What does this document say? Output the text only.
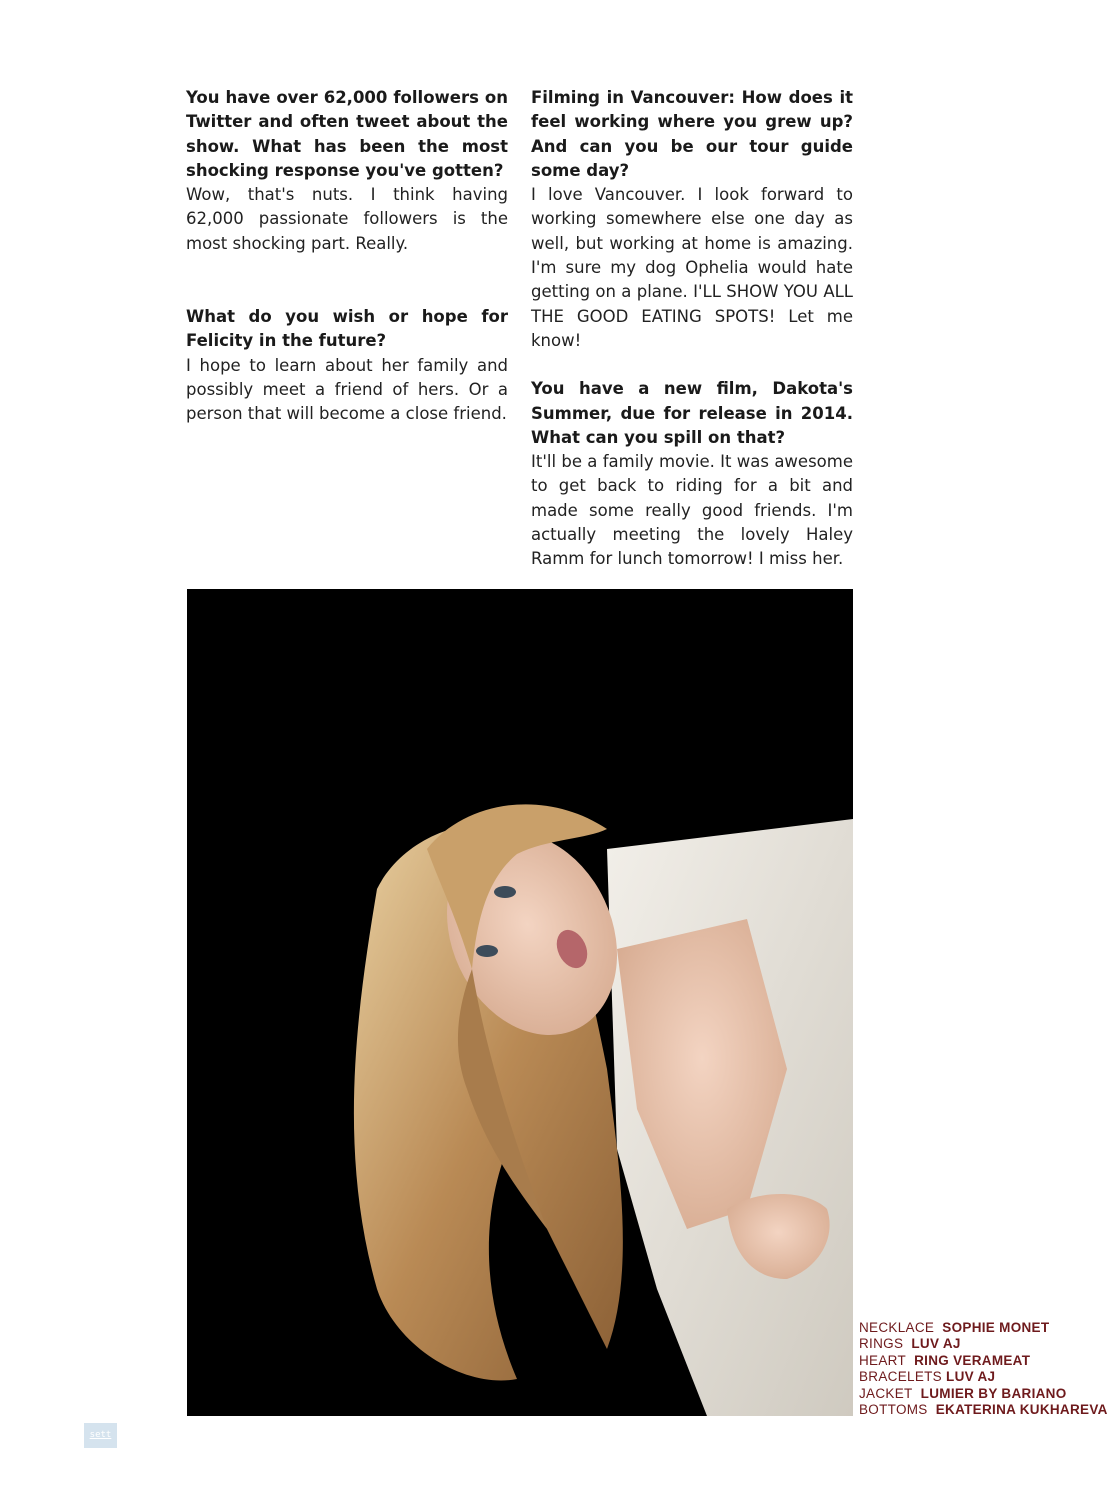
You have over 62,000 followers on Twitter and often tweet about the show. What has been the most shocking response you've gotten?

Wow, that's nuts. I think having 62,000 passionate followers is the most shocking part. Really.

What do you wish or hope for Felicity in the future?

I hope to learn about her family and possibly meet a friend of hers. Or a person that will become a close friend.

Filming in Vancouver: How does it feel working where you grew up? And can you be our tour guide some day?

I love Vancouver. I look forward to working somewhere else one day as well, but working at home is amazing. I'm sure my dog Ophelia would hate getting on a plane. I'LL SHOW YOU ALL THE GOOD EATING SPOTS! Let me know!

You have a new film, Dakota's Summer, due for release in 2014. What can you spill on that?

It'll be a family movie. It was awesome to get back to riding for a bit and made some really good friends. I'm actually meeting the lovely Haley Ramm for lunch tomorrow! I miss her.

NECKLACE SOPHIE MONET
RINGS LUV AJ
HEART RING VERAMEAT
BRACELETS LUV AJ
JACKET LUMIER BY BARIANO
BOTTOMS EKATERINA KUKHAREVA
sett
